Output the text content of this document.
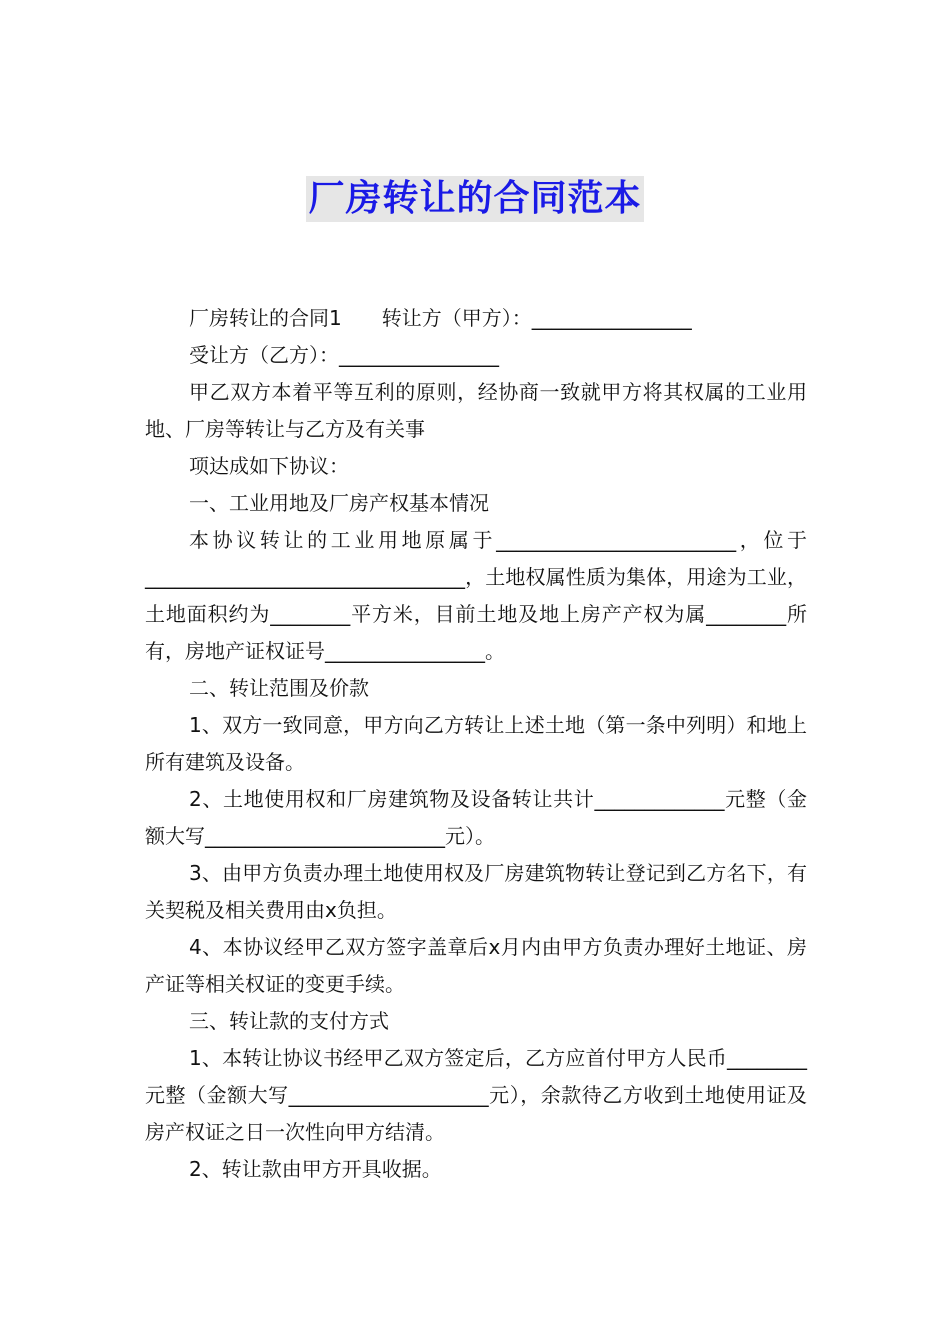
厂房转让的合同范本

厂房转让的合同1 转让方（甲方）：________________

受让方（乙方）：________________

甲乙双方本着平等互利的原则，经协商一致就甲方将其权属的工业用地、厂房等转让与乙方及有关事

项达成如下协议：

一、工业用地及厂房产权基本情况

本协议转让的工业用地原属于________________________，位于________________________________，土地权属性质为集体，用途为工业，土地面积约为________平方米，目前土地及地上房产产权为属________所有，房地产证权证号________________。

二、转让范围及价款

1、双方一致同意，甲方向乙方转让上述土地（第一条中列明）和地上所有建筑及设备。

2、土地使用权和厂房建筑物及设备转让共计_____________元整（金额大写________________________元）。

3、由甲方负责办理土地使用权及厂房建筑物转让登记到乙方名下，有关契税及相关费用由x负担。

4、本协议经甲乙双方签字盖章后x月内由甲方负责办理好土地证、房产证等相关权证的变更手续。

三、转让款的支付方式

1、本转让协议书经甲乙双方签定后，乙方应首付甲方人民币________元整（金额大写____________________元），余款待乙方收到土地使用证及房产权证之日一次性向甲方结清。

2、转让款由甲方开具收据。
